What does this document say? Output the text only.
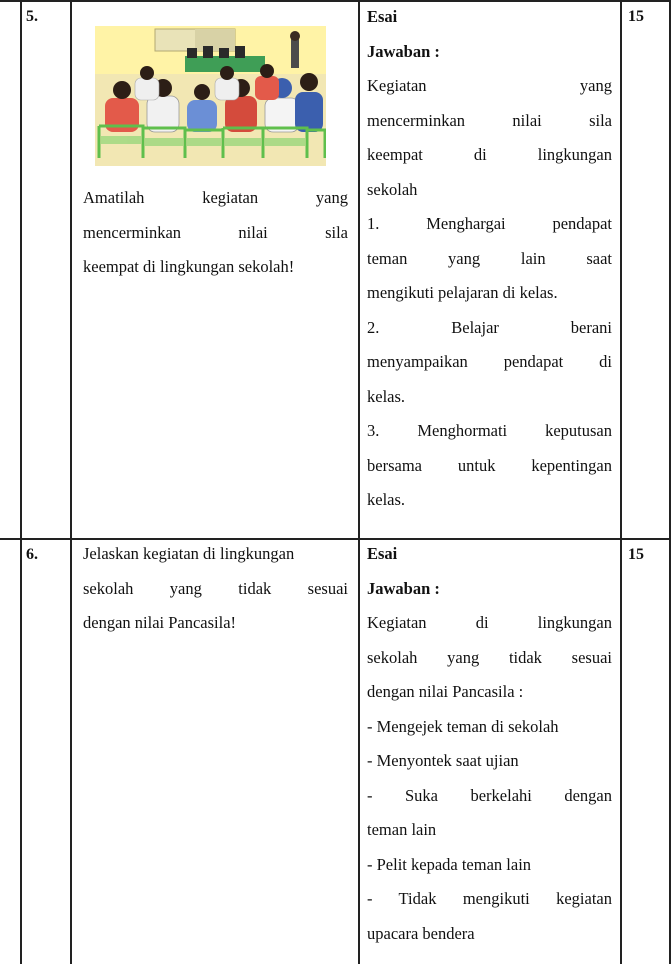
5.
Amatilah kegiatan yang
mencerminkan nilai sila
keempat di lingkungan sekolah!
Esai
Jawaban :
Kegiatan yang
mencerminkan nilai sila
keempat di lingkungan
sekolah
1. Menghargai pendapat
teman yang lain saat
mengikuti pelajaran di kelas.
2. Belajar berani
menyampaikan pendapat di
kelas.
3. Menghormati keputusan
bersama untuk kepentingan
kelas.
15
6.	Jelaskan kegiatan di lingkungan
sekolah yang tidak sesuai
dengan nilai Pancasila!
Esai
Jawaban :
Kegiatan di lingkungan
sekolah yang tidak sesuai
dengan nilai Pancasila :
- Mengejek teman di sekolah
- Menyontek saat ujian
- Suka berkelahi dengan
teman lain
- Pelit kepada teman lain
- Tidak mengikuti kegiatan
upacara bendera
15
